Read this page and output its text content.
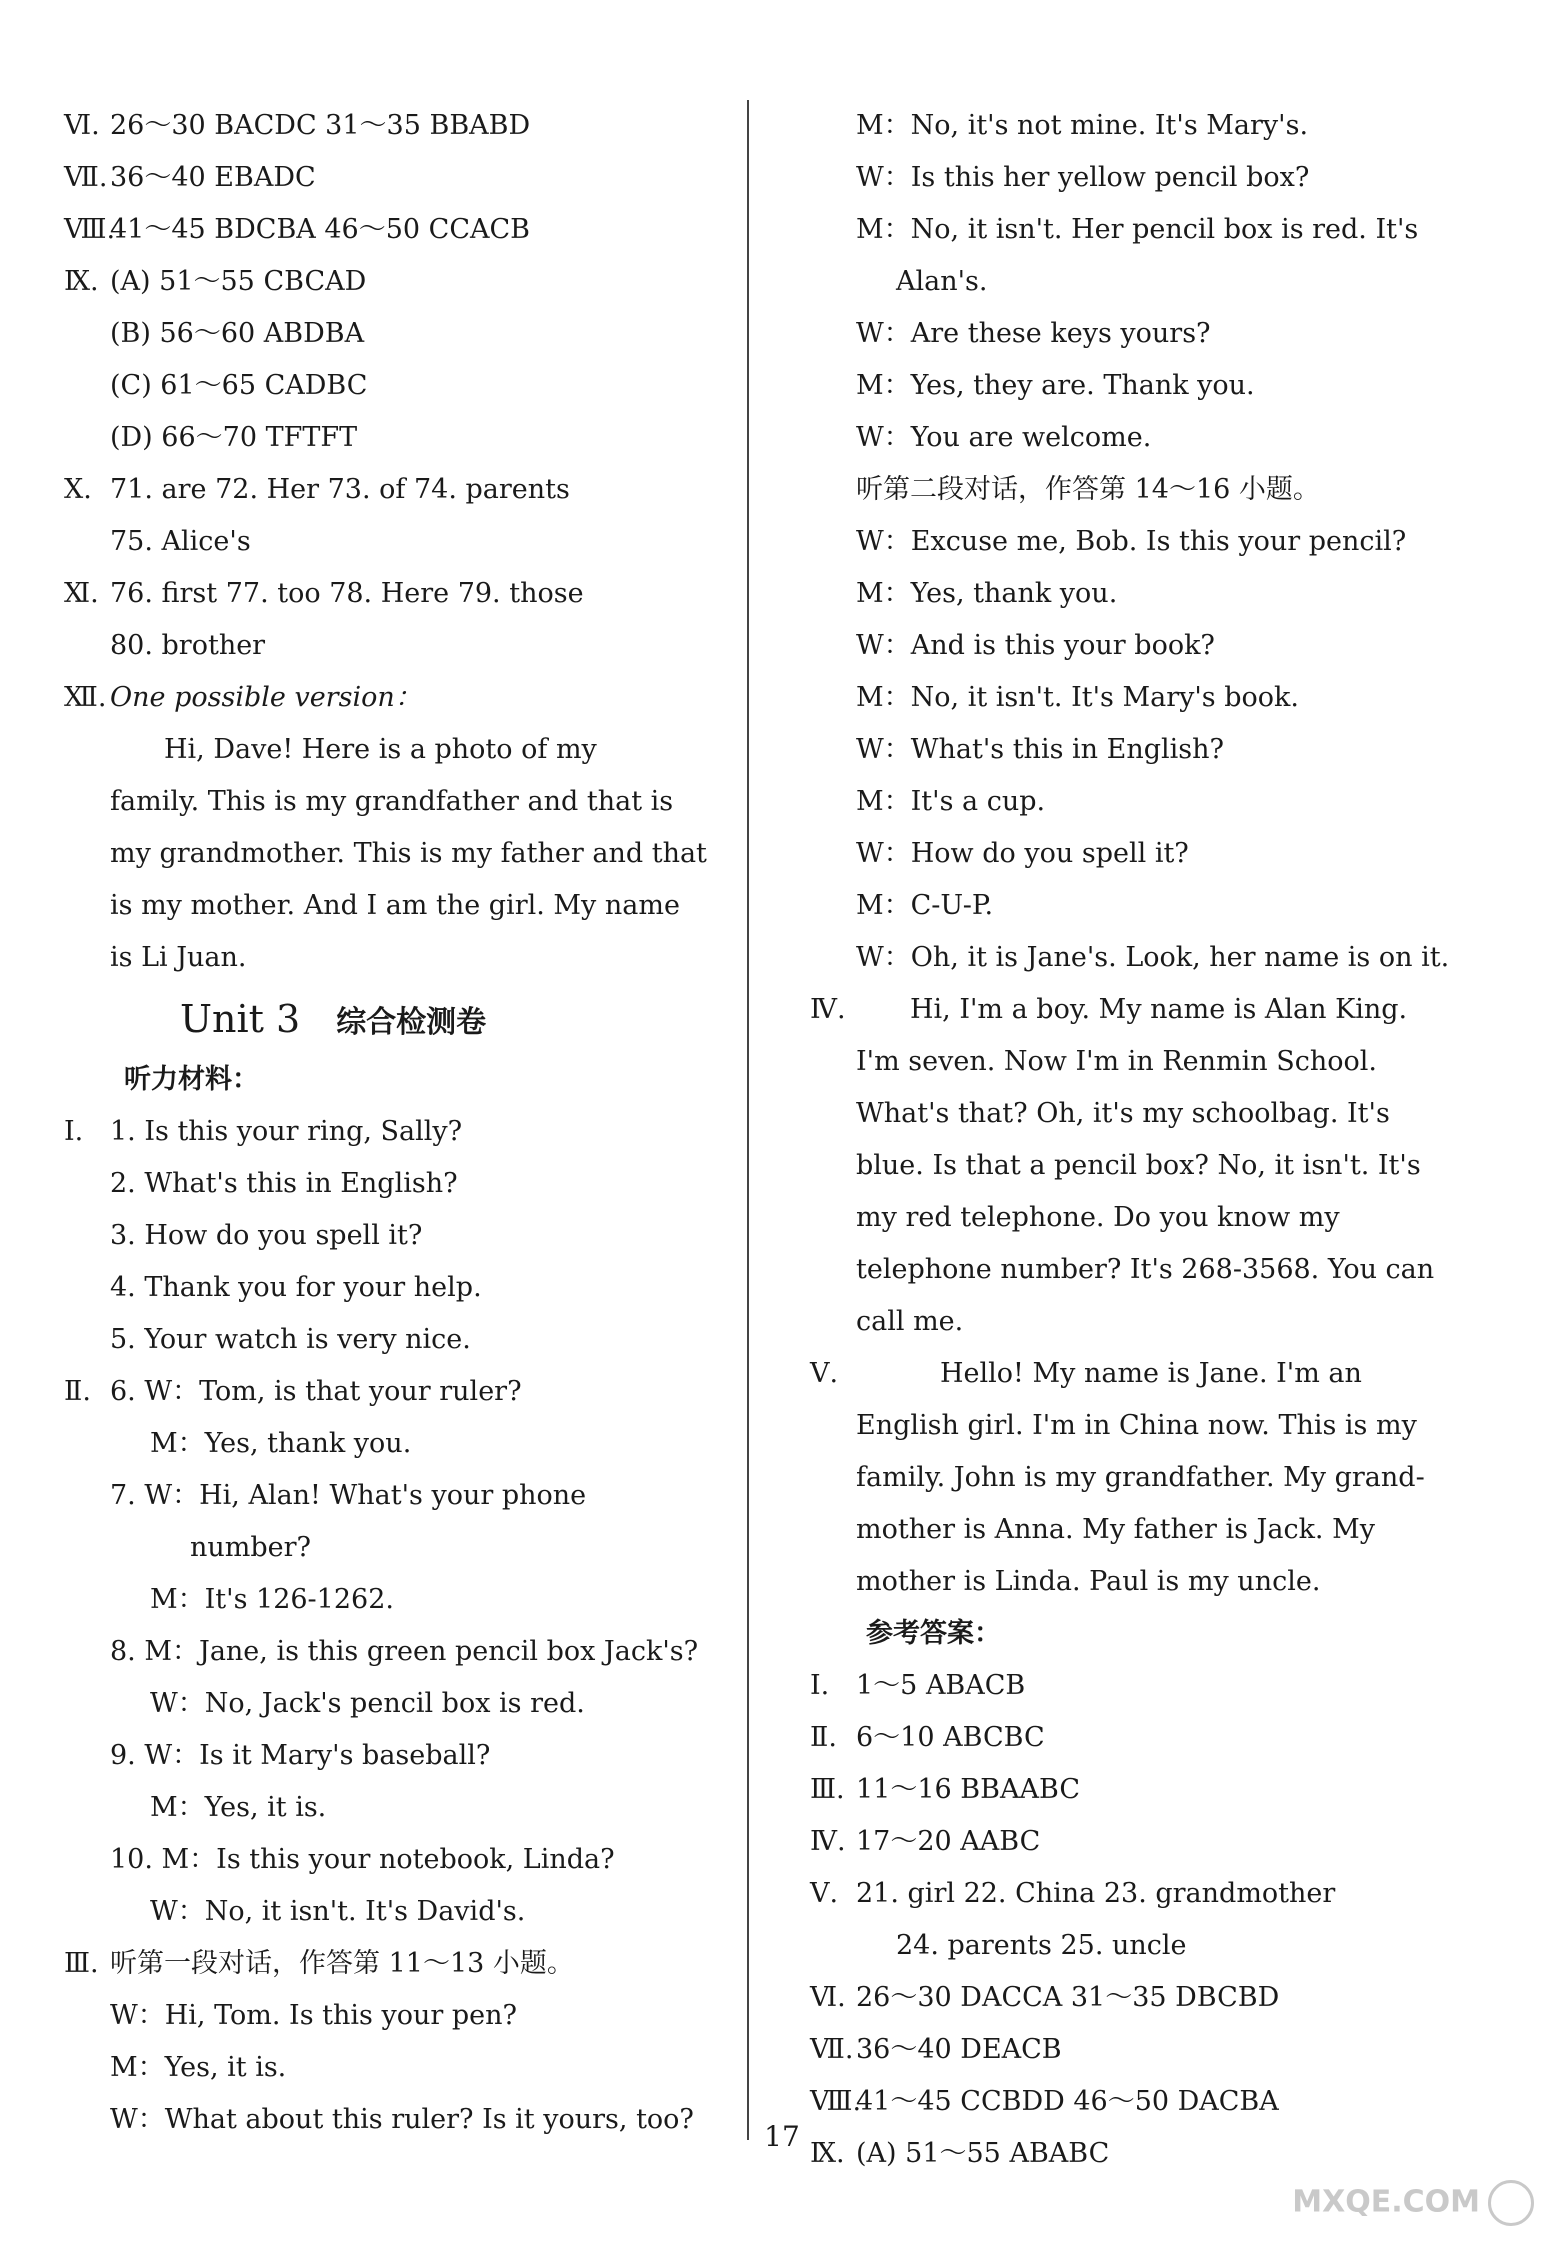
Ⅵ. 26～30 BACDC 31～35 BBABD
Ⅶ. 36～40 EBADC
Ⅷ.
41～45 BDCBA 46～50 CCACB
Ⅸ. (A) 51～55 CBCAD
(B) 56～60 ABDBA
(C) 61～65 CADBC
(D) 66～70 TFTFT
Ⅹ. 71. are 72. Her 73. of 74. parents
75. Alice's
Ⅺ. 76. first 77. too 78. Here 79. those
80. brother
Ⅻ. One possible version：
Hi, Dave! Here is a photo of my
family. This is my grandfather and that is
my grandmother. This is my father and that
is my mother. And I am the girl. My name
is Li Juan.
Unit 3 综合检测卷
听力材料：
Ⅰ. 1. Is this your ring, Sally?
2. What's this in English?
3. How do you spell it?
4. Thank you for your help.
5. Your watch is very nice.
Ⅱ. 6. W：Tom, is that your ruler?
M：Yes, thank you.
7. W：Hi, Alan! What's your phone
number?
M：It's 126-1262.
8. M：Jane, is this green pencil box Jack's?
W：No, Jack's pencil box is red.
9. W：Is it Mary's baseball?
M：Yes, it is.
10. M：Is this your notebook, Linda?
W：No, it isn't. It's David's.
Ⅲ. 听第一段对话，作答第 11～13 小题。
W：Hi, Tom. Is this your pen?
M：Yes, it is.
W：What about this ruler? Is it yours, too?
M：No, it's not mine. It's Mary's.
W：Is this her yellow pencil box?
M：No, it isn't. Her pencil box is red. It's
Alan's.
W：Are these keys yours?
M：Yes, they are. Thank you.
W：You are welcome.
听第二段对话，作答第 14～16 小题。
W：Excuse me, Bob. Is this your pencil?
M：Yes, thank you.
W：And is this your book?
M：No, it isn't. It's Mary's book.
W：What's this in English?
M：It's a cup.
W：How do you spell it?
M：C-U-P.
W：Oh, it is Jane's. Look, her name is on it.
Ⅳ. Hi, I'm a boy. My name is Alan King.
I'm seven. Now I'm in Renmin School.
What's that? Oh, it's my schoolbag. It's
blue. Is that a pencil box? No, it isn't. It's
my red telephone. Do you know my
telephone number? It's 268-3568. You can
call me.
Ⅴ.	Hello! My name is Jane. I'm an
English girl. I'm in China now. This is my
family. John is my grandfather. My grand-
mother is Anna. My father is Jack. My
mother is Linda. Paul is my uncle.
参考答案：
Ⅰ. 1～5 ABACB
Ⅱ. 6～10 ABCBC
Ⅲ. 11～16 BBAABC
Ⅳ. 17～20 AABC
Ⅴ. 21. girl 22. China 23. grandmother
24. parents 25. uncle
Ⅵ. 26～30 DACCA 31～35 DBCBD
Ⅶ. 36～40 DEACB
Ⅷ.
41～45 CCBDD 46～50 DACBA
Ⅸ. (A) 51～55 ABABC
17
MXQE.COM
